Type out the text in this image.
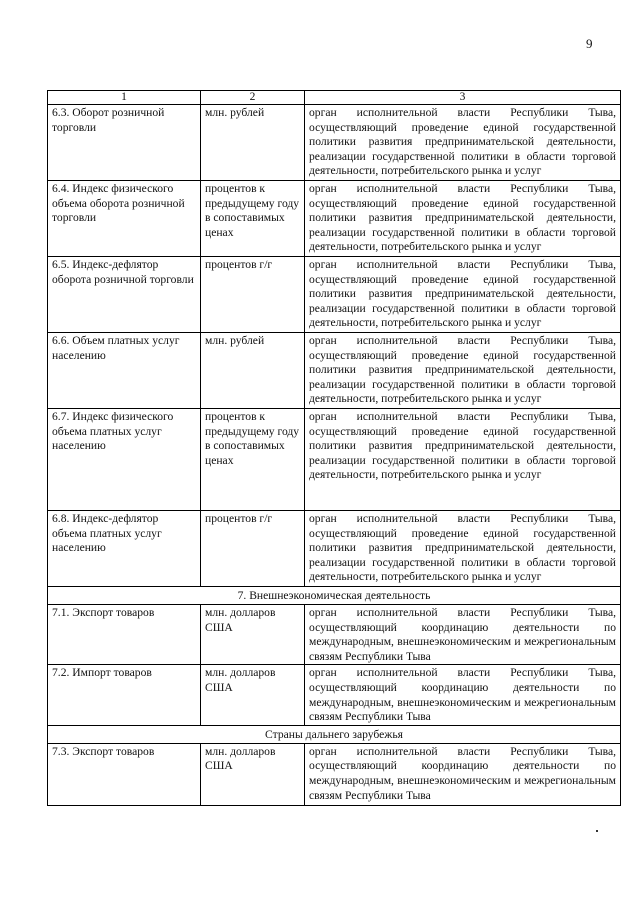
9
1	2	3
6.3. Оборот розничной торговли	млн. рублей	орган исполнительной власти Республики Тыва, осуществляющий проведение единой государственной политики развития предпринимательской деятельности, реализации государственной политики в области торговой деятельности, потребительского рынка и услуг
6.4. Индекс физического объема оборота розничной торговли	процентов к предыдущему году в сопоставимых ценах	орган исполнительной власти Республики Тыва, осуществляющий проведение единой государственной политики развития предпринимательской деятельности, реализации государственной политики в области торговой деятельности, потребительского рынка и услуг
6.5. Индекс-дефлятор оборота розничной торговли	процентов г/г	орган исполнительной власти Республики Тыва, осуществляющий проведение единой государственной политики развития предпринимательской деятельности, реализации государственной политики в области торговой деятельности, потребительского рынка и услуг
6.6. Объем платных услуг населению	млн. рублей	орган исполнительной власти Республики Тыва, осуществляющий проведение единой государственной политики развития предпринимательской деятельности, реализации государственной политики в области торговой деятельности, потребительского рынка и услуг
6.7. Индекс физического объема платных услуг населению	процентов к предыдущему году в сопоставимых ценах	орган исполнительной власти Республики Тыва, осуществляющий проведение единой государственной политики развития предпринимательской деятельности, реализации государственной политики в области торговой деятельности, потребительского рынка и услуг
6.8. Индекс-дефлятор объема платных услуг населению	процентов г/г	орган исполнительной власти Республики Тыва, осуществляющий проведение единой государственной политики развития предпринимательской деятельности, реализации государственной политики в области торговой деятельности, потребительского рынка и услуг
7. Внешнеэкономическая деятельность		
7.1. Экспорт товаров	млн. долларов США	орган исполнительной власти Республики Тыва, осуществляющий координацию деятельности по международным, внешнеэкономическим и межрегиональным связям Республики Тыва
7.2. Импорт товаров	млн. долларов США	орган исполнительной власти Республики Тыва, осуществляющий координацию деятельности по международным, внешнеэкономическим и межрегиональным связям Республики Тыва
Страны дальнего зарубежья		
7.3. Экспорт товаров	млн. долларов США	орган исполнительной власти Республики Тыва, осуществляющий координацию деятельности по международным, внешнеэкономическим и межрегиональным связям Республики Тыва
